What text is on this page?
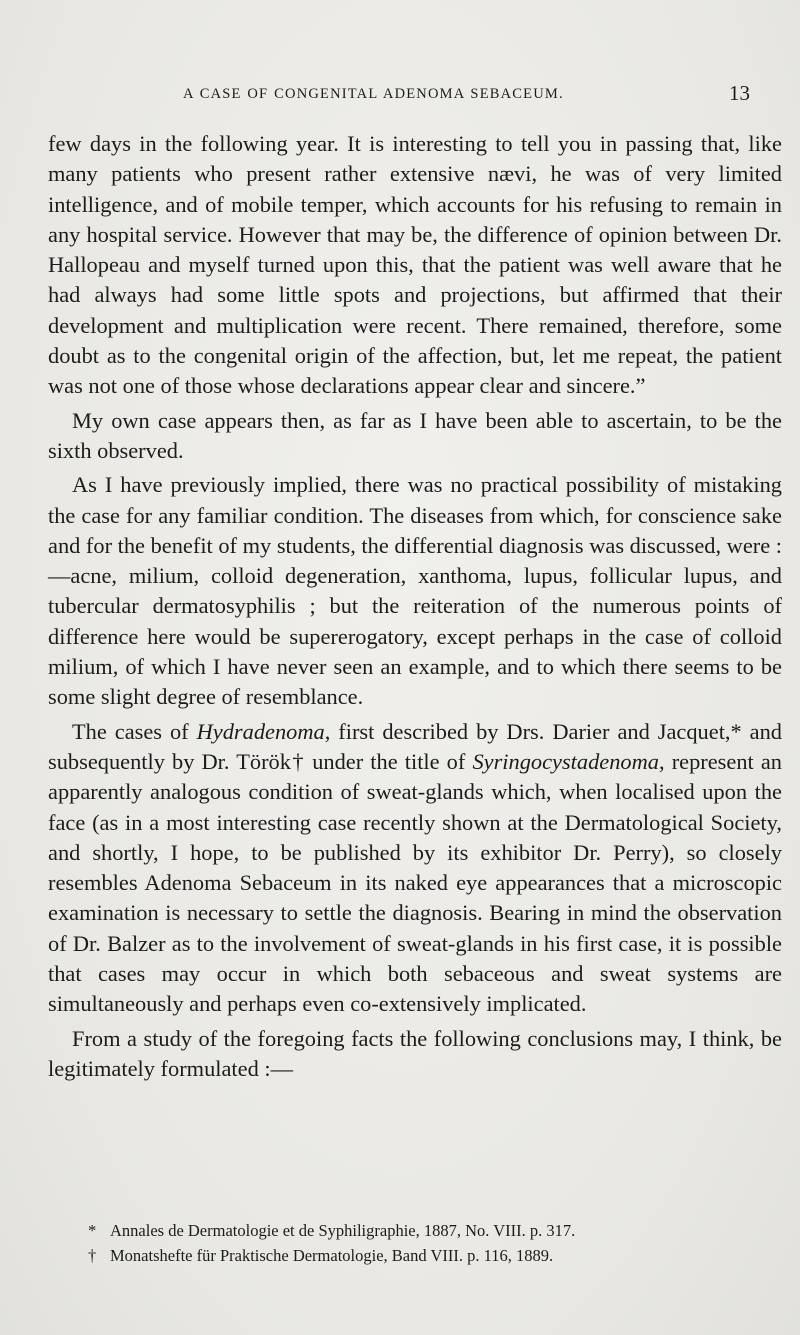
A CASE OF CONGENITAL ADENOMA SEBACEUM.	13

few days in the following year. It is interesting to tell you in passing that, like many patients who present rather extensive nævi, he was of very limited intelligence, and of mobile temper, which accounts for his refusing to remain in any hospital service. However that may be, the difference of opinion between Dr. Hallopeau and myself turned upon this, that the patient was well aware that he had always had some little spots and projections, but affirmed that their development and multiplication were recent. There remained, therefore, some doubt as to the congenital origin of the affection, but, let me repeat, the patient was not one of those whose declarations appear clear and sincere.”

My own case appears then, as far as I have been able to ascertain, to be the sixth observed.

As I have previously implied, there was no practical possibility of mistaking the case for any familiar condition. The diseases from which, for conscience sake and for the benefit of my students, the differential diagnosis was discussed, were :—acne, milium, colloid degeneration, xanthoma, lupus, follicular lupus, and tubercular dermatosyphilis ; but the reiteration of the numerous points of difference here would be supererogatory, except perhaps in the case of colloid milium, of which I have never seen an example, and to which there seems to be some slight degree of resemblance.

The cases of Hydradenoma, first described by Drs. Darier and Jacquet,* and subsequently by Dr. Török† under the title of Syringocystadenoma, represent an apparently analogous condition of sweat-glands which, when localised upon the face (as in a most interesting case recently shown at the Dermatological Society, and shortly, I hope, to be published by its exhibitor Dr. Perry), so closely resembles Adenoma Sebaceum in its naked eye appearances that a microscopic examination is necessary to settle the diagnosis. Bearing in mind the observation of Dr. Balzer as to the involvement of sweat-glands in his first case, it is possible that cases may occur in which both sebaceous and sweat systems are simultaneously and perhaps even co-extensively implicated.

From a study of the foregoing facts the following conclusions may, I think, be legitimately formulated :—

* Annales de Dermatologie et de Syphiligraphie, 1887, No. VIII. p. 317.
† Monatshefte für Praktische Dermatologie, Band VIII. p. 116, 1889.
